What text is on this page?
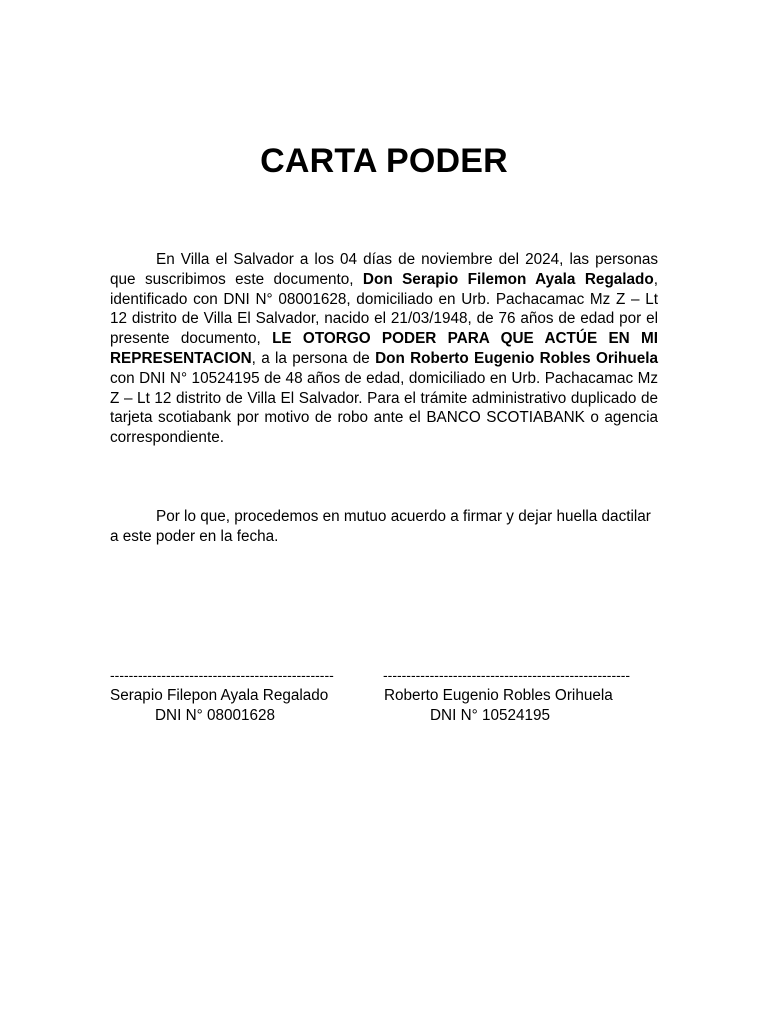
CARTA PODER
En Villa el Salvador a los 04 días de noviembre del 2024, las personas que suscribimos este documento, Don Serapio Filemon Ayala Regalado, identificado con DNI N° 08001628, domiciliado en Urb. Pachacamac Mz Z – Lt 12 distrito de Villa El Salvador, nacido el 21/03/1948, de 76 años de edad por el presente documento, LE OTORGO PODER PARA QUE ACTÚE EN MI REPRESENTACION, a la persona de Don Roberto Eugenio Robles Orihuela con DNI N° 10524195 de 48 años de edad, domiciliado en Urb. Pachacamac Mz Z – Lt 12 distrito de Villa El Salvador. Para el trámite administrativo duplicado de tarjeta scotiabank por motivo de robo ante el BANCO SCOTIABANK o agencia correspondiente.
Por lo que, procedemos en mutuo acuerdo a firmar y dejar huella dactilar a este poder en la fecha.
------------------------------------------------	-----------------------------------------------------
Serapio Filepon Ayala Regalado	Roberto Eugenio Robles Orihuela
DNI N° 08001628	DNI N° 10524195
